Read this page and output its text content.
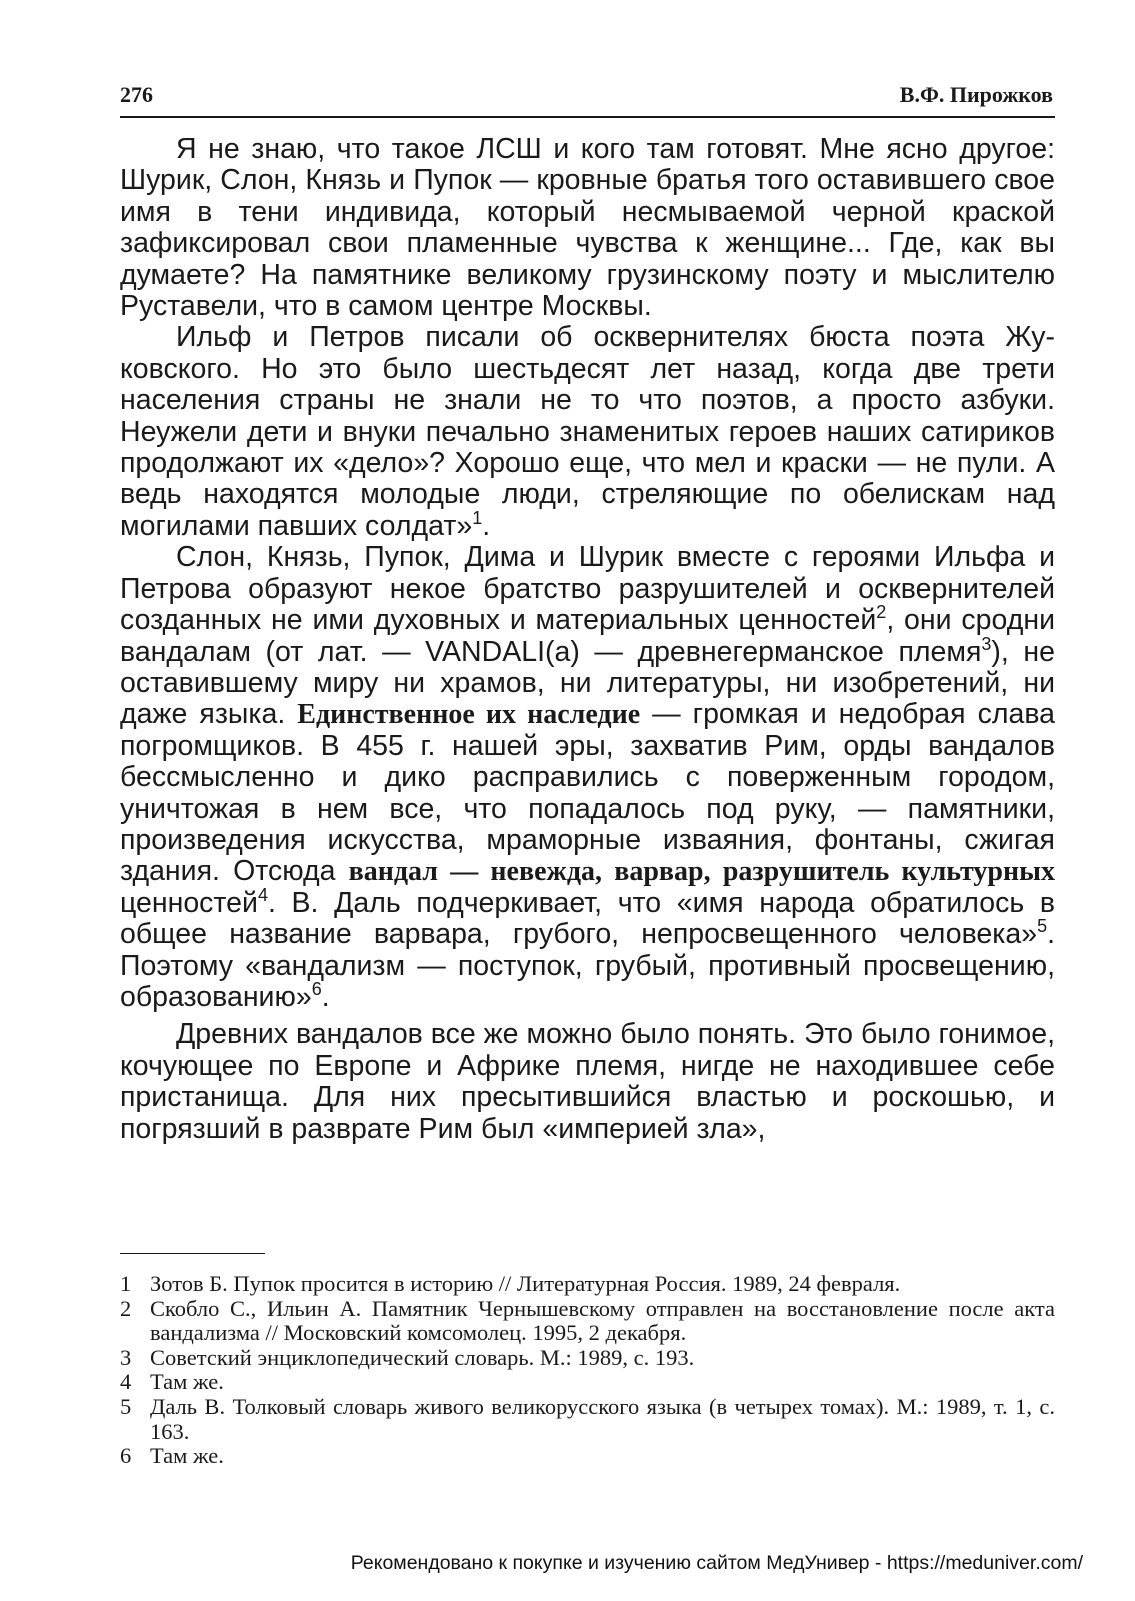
276	В.Ф. Пирожков

Я не знаю, что такое ЛСШ и кого там готовят. Мне ясно другое: Шурик, Слон, Князь и Пупок — кровные братья того оставившего свое имя в тени индивида, который несмываемой черной краской зафиксировал свои пламенные чувства к женщине... Где, как вы думаете? На памятнике великому грузинскому поэту и мыслителю Руставели, что в самом центре Москвы.

Ильф и Петров писали об осквернителях бюста поэта Жуковского. Но это было шестьдесят лет назад, когда две трети населения страны не знали не то что поэтов, а просто азбуки. Неужели дети и внуки печально знаменитых героев наших сатириков продолжают их «дело»? Хорошо еще, что мел и краски — не пули. А ведь находятся молодые люди, стреляющие по обелискам над могилами павших солдат»$^1$.

Слон, Князь, Пупок, Дима и Шурик вместе с героями Ильфа и Петрова образуют некое братство разрушителей и осквернителей созданных не ими духовных и материальных ценностей$^2$, они сродни вандалам (от лат. — VANDALI(a) — древнегерманское племя$^3$), не оставившему миру ни храмов, ни литературы, ни изобретений, ни даже языка. Единственное их наследие — громкая и недобрая слава погромщиков. В 455 г. нашей эры, захватив Рим, орды вандалов бессмысленно и дико расправились с поверженным городом, уничтожая в нем все, что попадалось под руку, — памятники, произведения искусства, мраморные изваяния, фонтаны, сжигая здания. Отсюда вандал — невежда, варвар, разрушитель культурных ценностей$^4$. В. Даль подчеркивает, что «имя народа обратилось в общее название варвара, грубого, непросвещенного человека»$^5$. Поэтому «вандализм — поступок, грубый, противный просвещению, образованию»$^6$.

Древних вандалов все же можно было понять. Это было гонимое, кочующее по Европе и Африке племя, нигде не находившее себе пристанища. Для них пресытившийся властью и роскошью, и погрязший в разврате Рим был «империей зла»,

1 Зотов Б. Пупок просится в историю // Литературная Россия. 1989, 24 февраля.
2 Скобло С., Ильин А. Памятник Чернышевскому отправлен на восстановление после акта вандализма // Московский комсомолец. 1995, 2 декабря.
3 Советский энциклопедический словарь. М.: 1989, с. 193.
4 Там же.
5 Даль В. Толковый словарь живого великорусского языка (в четырех томах). М.: 1989, т. 1, с. 163.
6 Там же.
Рекомендовано к покупке и изучению сайтом МедУнивер - https://meduniver.com/
